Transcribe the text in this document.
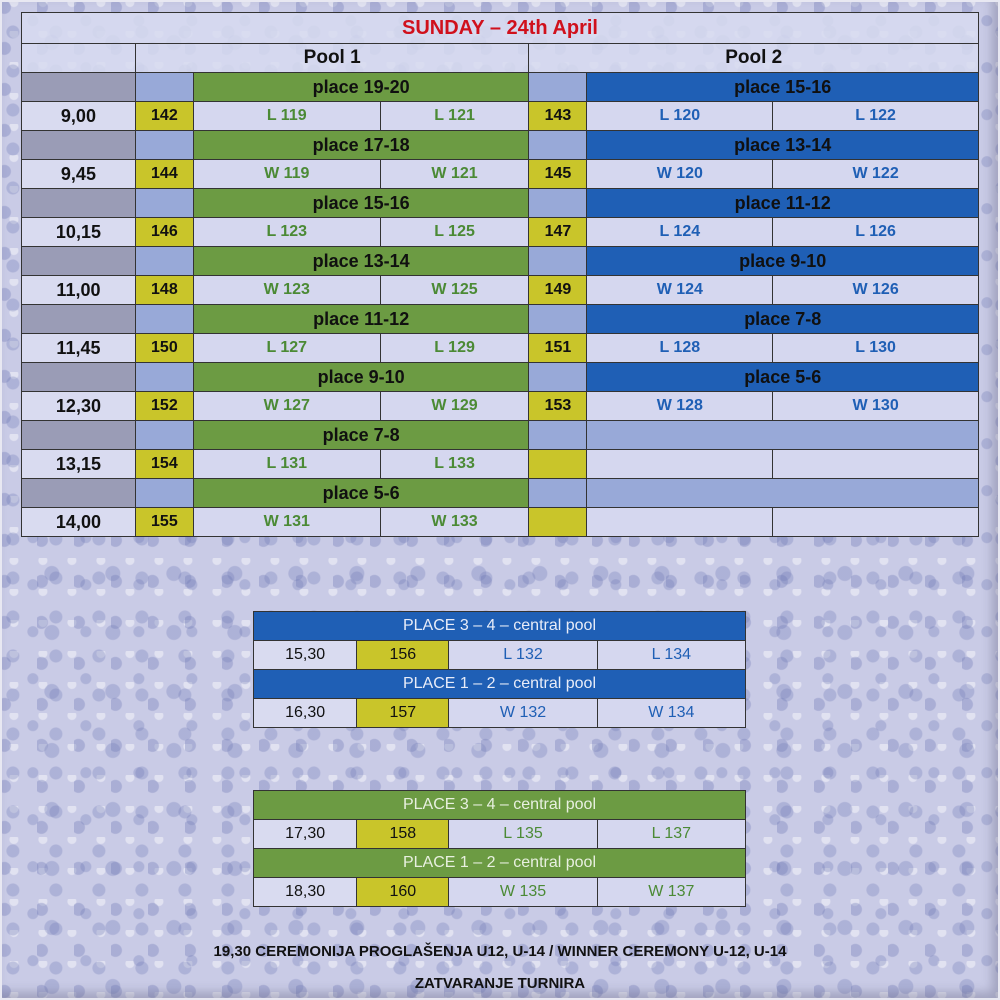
SUNDAY – 24th April						
	Pool 1			Pool 2		
		place 19-20			place 15-16	
9,00	142	L 119	L 121	143	L 120	L 122
		place 17-18			place 13-14	
9,45	144	W 119	W 121	145	W 120	W 122
		place 15-16			place 11-12	
10,15	146	L 123	L 125	147	L 124	L 126
		place 13-14			place 9-10	
11,00	148	W 123	W 125	149	W 124	W 126
		place 11-12			place 7-8	
11,45	150	L 127	L 129	151	L 128	L 130
		place 9-10			place 5-6	
12,30	152	W 127	W 129	153	W 128	W 130
		place 7-8				
13,15	154	L 131	L 133			
		place 5-6				
14,00	155	W 131	W 133			
PLACE 3 – 4 – central pool			
15,30	156	L 132	L 134
PLACE 1 – 2 – central pool			
16,30	157	W 132	W 134
PLACE 3 – 4 – central pool			
17,30	158	L 135	L 137
PLACE 1 – 2 – central pool			
18,30	160	W 135	W 137
19,30 CEREMONIJA PROGLAŠENJA U12, U-14 / WINNER CEREMONY U-12, U-14
ZATVARANJE TURNIRA
